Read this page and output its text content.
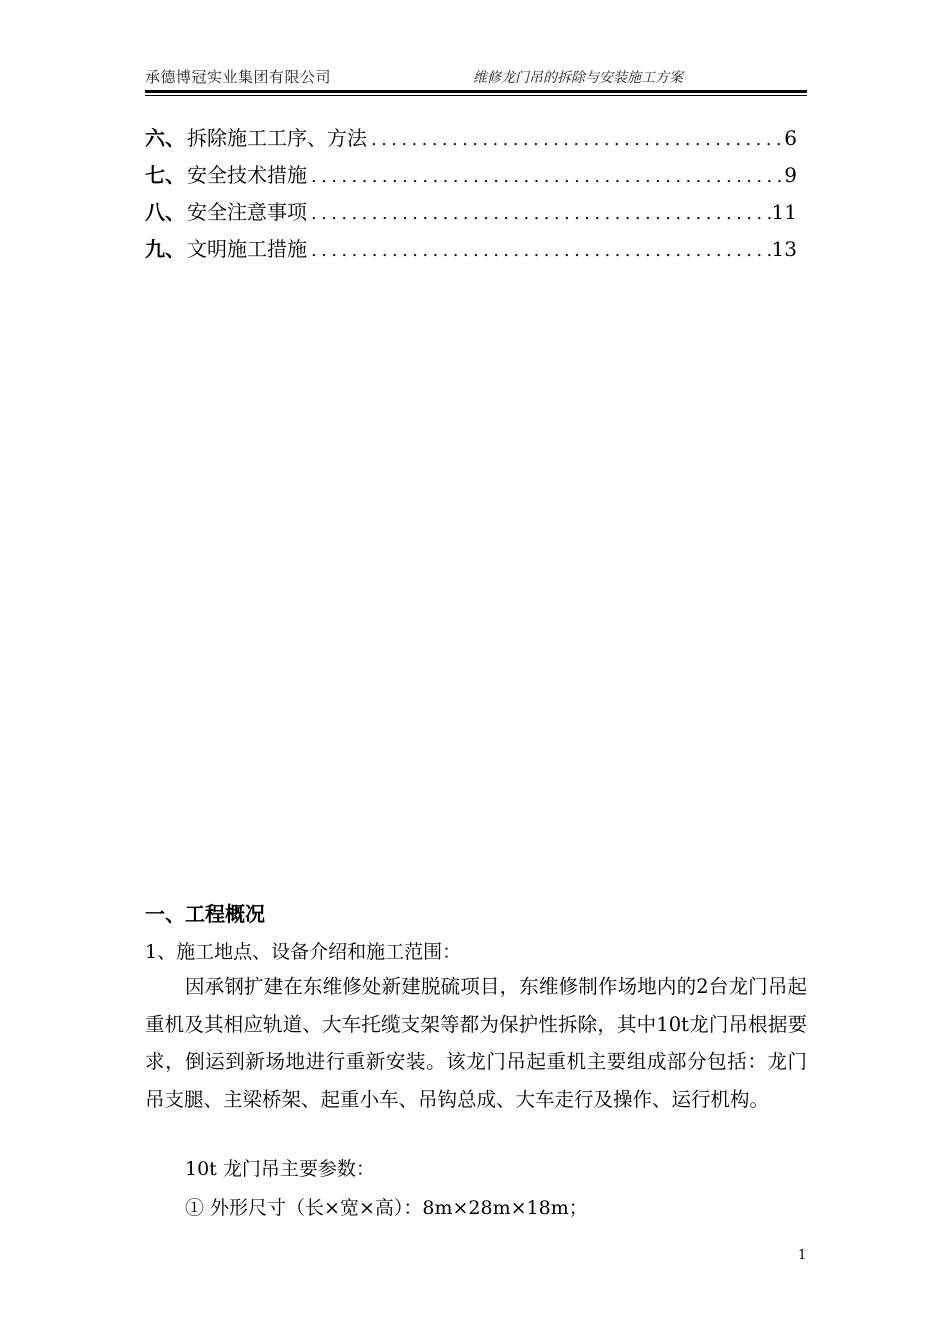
承德博冠实业集团有限公司	维修龙门吊的拆除与安装施工方案
六、 拆除施工工序、方法 .....	6
七、 安全技术措施 .....	9
八、 安全注意事项 .....	11
九、 文明施工措施 .....	13
一、工程概况
1、施工地点、设备介绍和施工范围：
因承钢扩建在东维修处新建脱硫项目，东维修制作场地内的2台龙门吊起重机及其相应轨道、大车托缆支架等都为保护性拆除，其中10t龙门吊根据要求，倒运到新场地进行重新安装。该龙门吊起重机主要组成部分包括：龙门吊支腿、主梁桥架、起重小车、吊钩总成、大车走行及操作、运行机构。
10t 龙门吊主要参数：
① 外形尺寸（长×宽×高）：8m×28m×18m；
1
